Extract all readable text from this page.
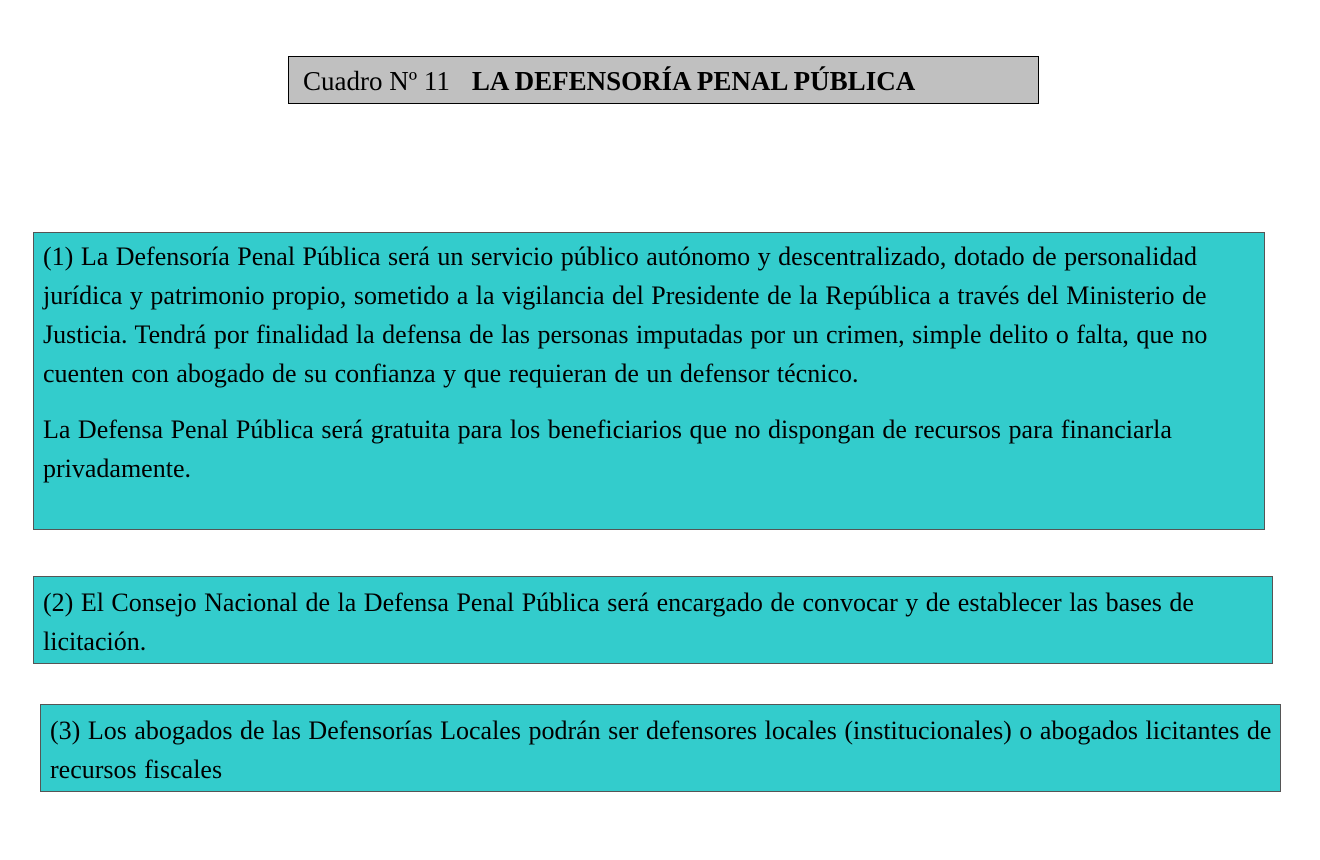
Cuadro Nº 11 LA DEFENSORÍA PENAL PÚBLICA

(1) La Defensoría Penal Pública será un servicio público autónomo y descentralizado, dotado de personalidad jurídica y patrimonio propio, sometido a la vigilancia del Presidente de la República a través del Ministerio de Justicia. Tendrá por finalidad la defensa de las personas imputadas por un crimen, simple delito o falta, que no cuenten con abogado de su confianza y que requieran de un defensor técnico.

La Defensa Penal Pública será gratuita para los beneficiarios que no dispongan de recursos para financiarla privadamente.

(2) El Consejo Nacional de la Defensa Penal Pública será encargado de convocar y de establecer las bases de licitación.

(3) Los abogados de las Defensorías Locales podrán ser defensores locales (institucionales) o abogados licitantes de recursos fiscales
